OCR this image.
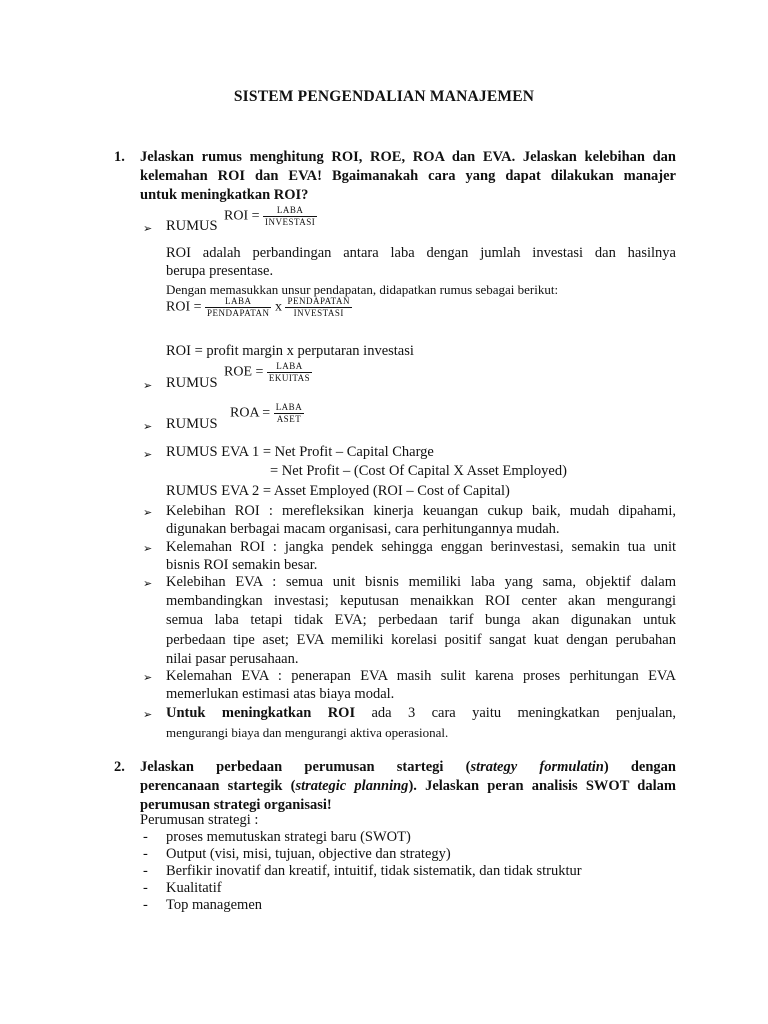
SISTEM PENGENDALIAN MANAJEMEN
1. Jelaskan rumus menghitung ROI, ROE, ROA dan EVA. Jelaskan kelebihan dan
kelemahan ROI dan EVA! Bgaimanakah cara yang dapat dilakukan manajer
untuk meningkatkan ROI?
➢ RUMUS
ROI = $\frac{\text{LABA}}{\text{INVESTASI}}$
ROI adalah perbandingan antara laba dengan jumlah investasi dan hasilnya
berupa presentase.
Dengan memasukkan unsur pendapatan, didapatkan rumus sebagai berikut:
ROI = $\frac{\text{LABA}}{\text{PENDAPATAN}}$ x $\frac{\text{PENDAPATAN}}{\text{INVESTASI}}$
ROI = profit margin x perputaran investasi
➢ RUMUS
ROE = $\frac{\text{LABA}}{\text{EKUITAS}}$
➢ RUMUS
ROA = $\frac{\text{LABA}}{\text{ASET}}$
➢ RUMUS EVA 1 = Net Profit – Capital Charge
= Net Profit – (Cost Of Capital X Asset Employed)
RUMUS EVA 2 = Asset Employed (ROI – Cost of Capital)
➢ Kelebihan ROI : merefleksikan kinerja keuangan cukup baik, mudah dipahami,
digunakan berbagai macam organisasi, cara perhitungannya mudah.
➢ Kelemahan ROI : jangka pendek sehingga enggan berinvestasi, semakin tua unit
bisnis ROI semakin besar.
➢ Kelebihan EVA : semua unit bisnis memiliki laba yang sama, objektif dalam
membandingkan investasi; keputusan menaikkan ROI center akan mengurangi
semua laba tetapi tidak EVA; perbedaan tarif bunga akan digunakan untuk
perbedaan tipe aset; EVA memiliki korelasi positif sangat kuat dengan perubahan
nilai pasar perusahaan.
➢ Kelemahan EVA : penerapan EVA masih sulit karena proses perhitungan EVA
memerlukan estimasi atas biaya modal.
➢ Untuk meningkatkan ROI ada 3 cara yaitu meningkatkan penjualan,
mengurangi biaya dan mengurangi aktiva operasional.
2. Jelaskan perbedaan perumusan startegi (strategy formulatin) dengan
perencanaan startegik (strategic planning). Jelaskan peran analisis SWOT dalam
perumusan strategi organisasi!
Perumusan strategi :
- proses memutuskan strategi baru (SWOT)
- Output (visi, misi, tujuan, objective dan strategy)
- Berfikir inovatif dan kreatif, intuitif, tidak sistematik, dan tidak struktur
- Kualitatif
- Top managemen
